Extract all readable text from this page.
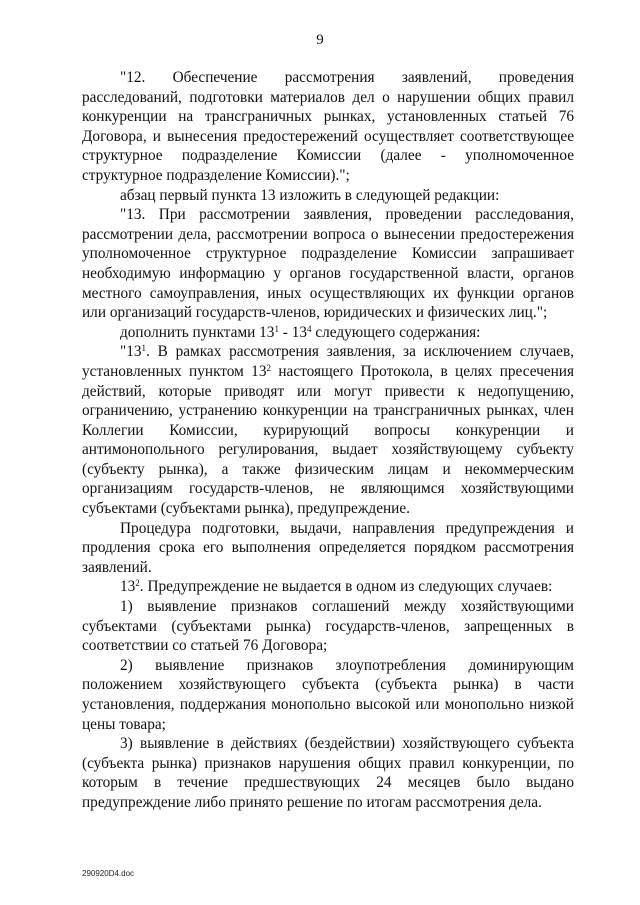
9

"12. Обеспечение рассмотрения заявлений, проведения расследований, подготовки материалов дел о нарушении общих правил конкуренции на трансграничных рынках, установленных статьей 76 Договора, и вынесения предостережений осуществляет соответствующее структурное подразделение Комиссии (далее - уполномоченное структурное подразделение Комиссии).";

абзац первый пункта 13 изложить в следующей редакции:

"13. При рассмотрении заявления, проведении расследования, рассмотрении дела, рассмотрении вопроса о вынесении предостережения уполномоченное структурное подразделение Комиссии запрашивает необходимую информацию у органов государственной власти, органов местного самоуправления, иных осуществляющих их функции органов или организаций государств-членов, юридических и физических лиц.";

дополнить пунктами $13^1 - 13^4$ следующего содержания:

"$13^1$. В рамках рассмотрения заявления, за исключением случаев, установленных пунктом $13^2$ настоящего Протокола, в целях пресечения действий, которые приводят или могут привести к недопущению, ограничению, устранению конкуренции на трансграничных рынках, член Коллегии Комиссии, курирующий вопросы конкуренции и антимонопольного регулирования, выдает хозяйствующему субъекту (субъекту рынка), а также физическим лицам и некоммерческим организациям государств-членов, не являющимся хозяйствующими субъектами (субъектами рынка), предупреждение.

Процедура подготовки, выдачи, направления предупреждения и продления срока его выполнения определяется порядком рассмотрения заявлений.

$13^2$. Предупреждение не выдается в одном из следующих случаев:

1) выявление признаков соглашений между хозяйствующими субъектами (субъектами рынка) государств-членов, запрещенных в соответствии со статьей 76 Договора;

2) выявление признаков злоупотребления доминирующим положением хозяйствующего субъекта (субъекта рынка) в части установления, поддержания монопольно высокой или монопольно низкой цены товара;

3) выявление в действиях (бездействии) хозяйствующего субъекта (субъекта рынка) признаков нарушения общих правил конкуренции, по которым в течение предшествующих 24 месяцев было выдано предупреждение либо принято решение по итогам рассмотрения дела.

290920D4.doc
